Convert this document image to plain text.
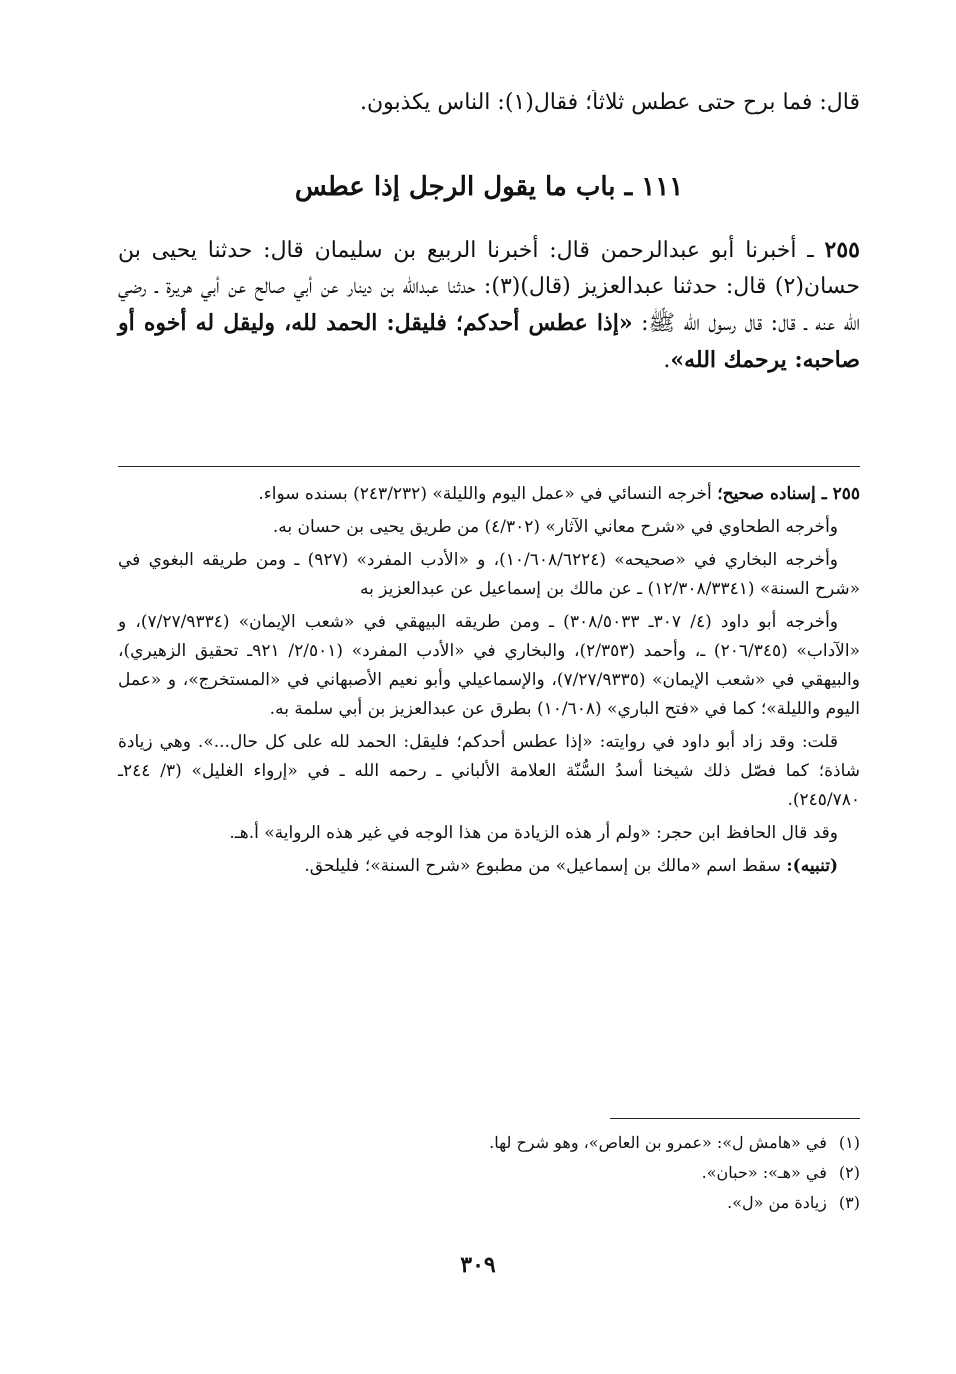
قال: فما برح حتى عطس ثلاثاً؛ فقال(١): الناس يكذبون.
١١١ ـ باب ما يقول الرجل إذا عطس

٢٥٥ ـ أخبرنا أبو عبدالرحمن قال: أخبرنا الربيع بن سليمان قال: حدثنا يحيى بن حسان(٢) قال: حدثنا عبدالعزيز (قال)(٣): حدثنا عبدالله بن دينار عن أبي صالح عن أبي هريرة ـ رضي الله عنه ـ قال: قال رسول الله ﷺ: «إذا عطس أحدكم؛ فليقل: الحمد لله، وليقل له أخوه أو صاحبه: يرحمك الله».

٢٥٥ ـ إسناده صحيح؛ أخرجه النسائي في «عمل اليوم والليلة» (٢٤٣/٢٣٢) بسنده سواء.

وأخرجه الطحاوي في «شرح معاني الآثار» (٤/٣٠٢) من طريق يحيى بن حسان به.

وأخرجه البخاري في «صحيحه» (١٠/٦٠٨/٦٢٢٤)، و «الأدب المفرد» (٩٢٧) ـ ومن طريقه البغوي في «شرح السنة» (١٢/٣٠٨/٣٣٤١) ـ عن مالك بن إسماعيل عن عبدالعزيز به

وأخرجه أبو داود (٤/ ٣٠٧ـ ٣٠٨/٥٠٣٣) ـ ومن طريقه البيهقي في «شعب الإيمان» (٧/٢٧/٩٣٣٤)، و «الآداب» (٢٠٦/٣٤٥) ـ، وأحمد (٢/٣٥٣)، والبخاري في «الأدب المفرد» (٢/٥٠١/ ٩٢١ـ تحقيق الزهيري)، والبيهقي في «شعب الإيمان» (٧/٢٧/٩٣٣٥)، والإسماعيلي وأبو نعيم الأصبهاني في «المستخرج»، و «عمل اليوم والليلة»؛ كما في «فتح الباري» (١٠/٦٠٨) بطرق عن عبدالعزيز بن أبي سلمة به.

قلت: وقد زاد أبو داود في روايته: «إذا عطس أحدكم؛ فليقل: الحمد لله على كل حال...». وهي زيادة شاذة؛ كما فصّل ذلك شيخنا أسدُ السُّنّة العلامة الألباني ـ رحمه الله ـ في «إرواء الغليل» (٣/ ٢٤٤ـ ٢٤٥/٧٨٠).

وقد قال الحافظ ابن حجر: «ولم أر هذه الزيادة من هذا الوجه في غير هذه الرواية» أ.هـ.

(تنبيه): سقط اسم «مالك بن إسماعيل» من مطبوع «شرح السنة»؛ فليلحق.

(١)في «هامش ل»: «عمرو بن العاص»، وهو شرح لها.
(٢)في «هـ»: «حبان».
(٣)زيادة من «ل».
٣٠٩
